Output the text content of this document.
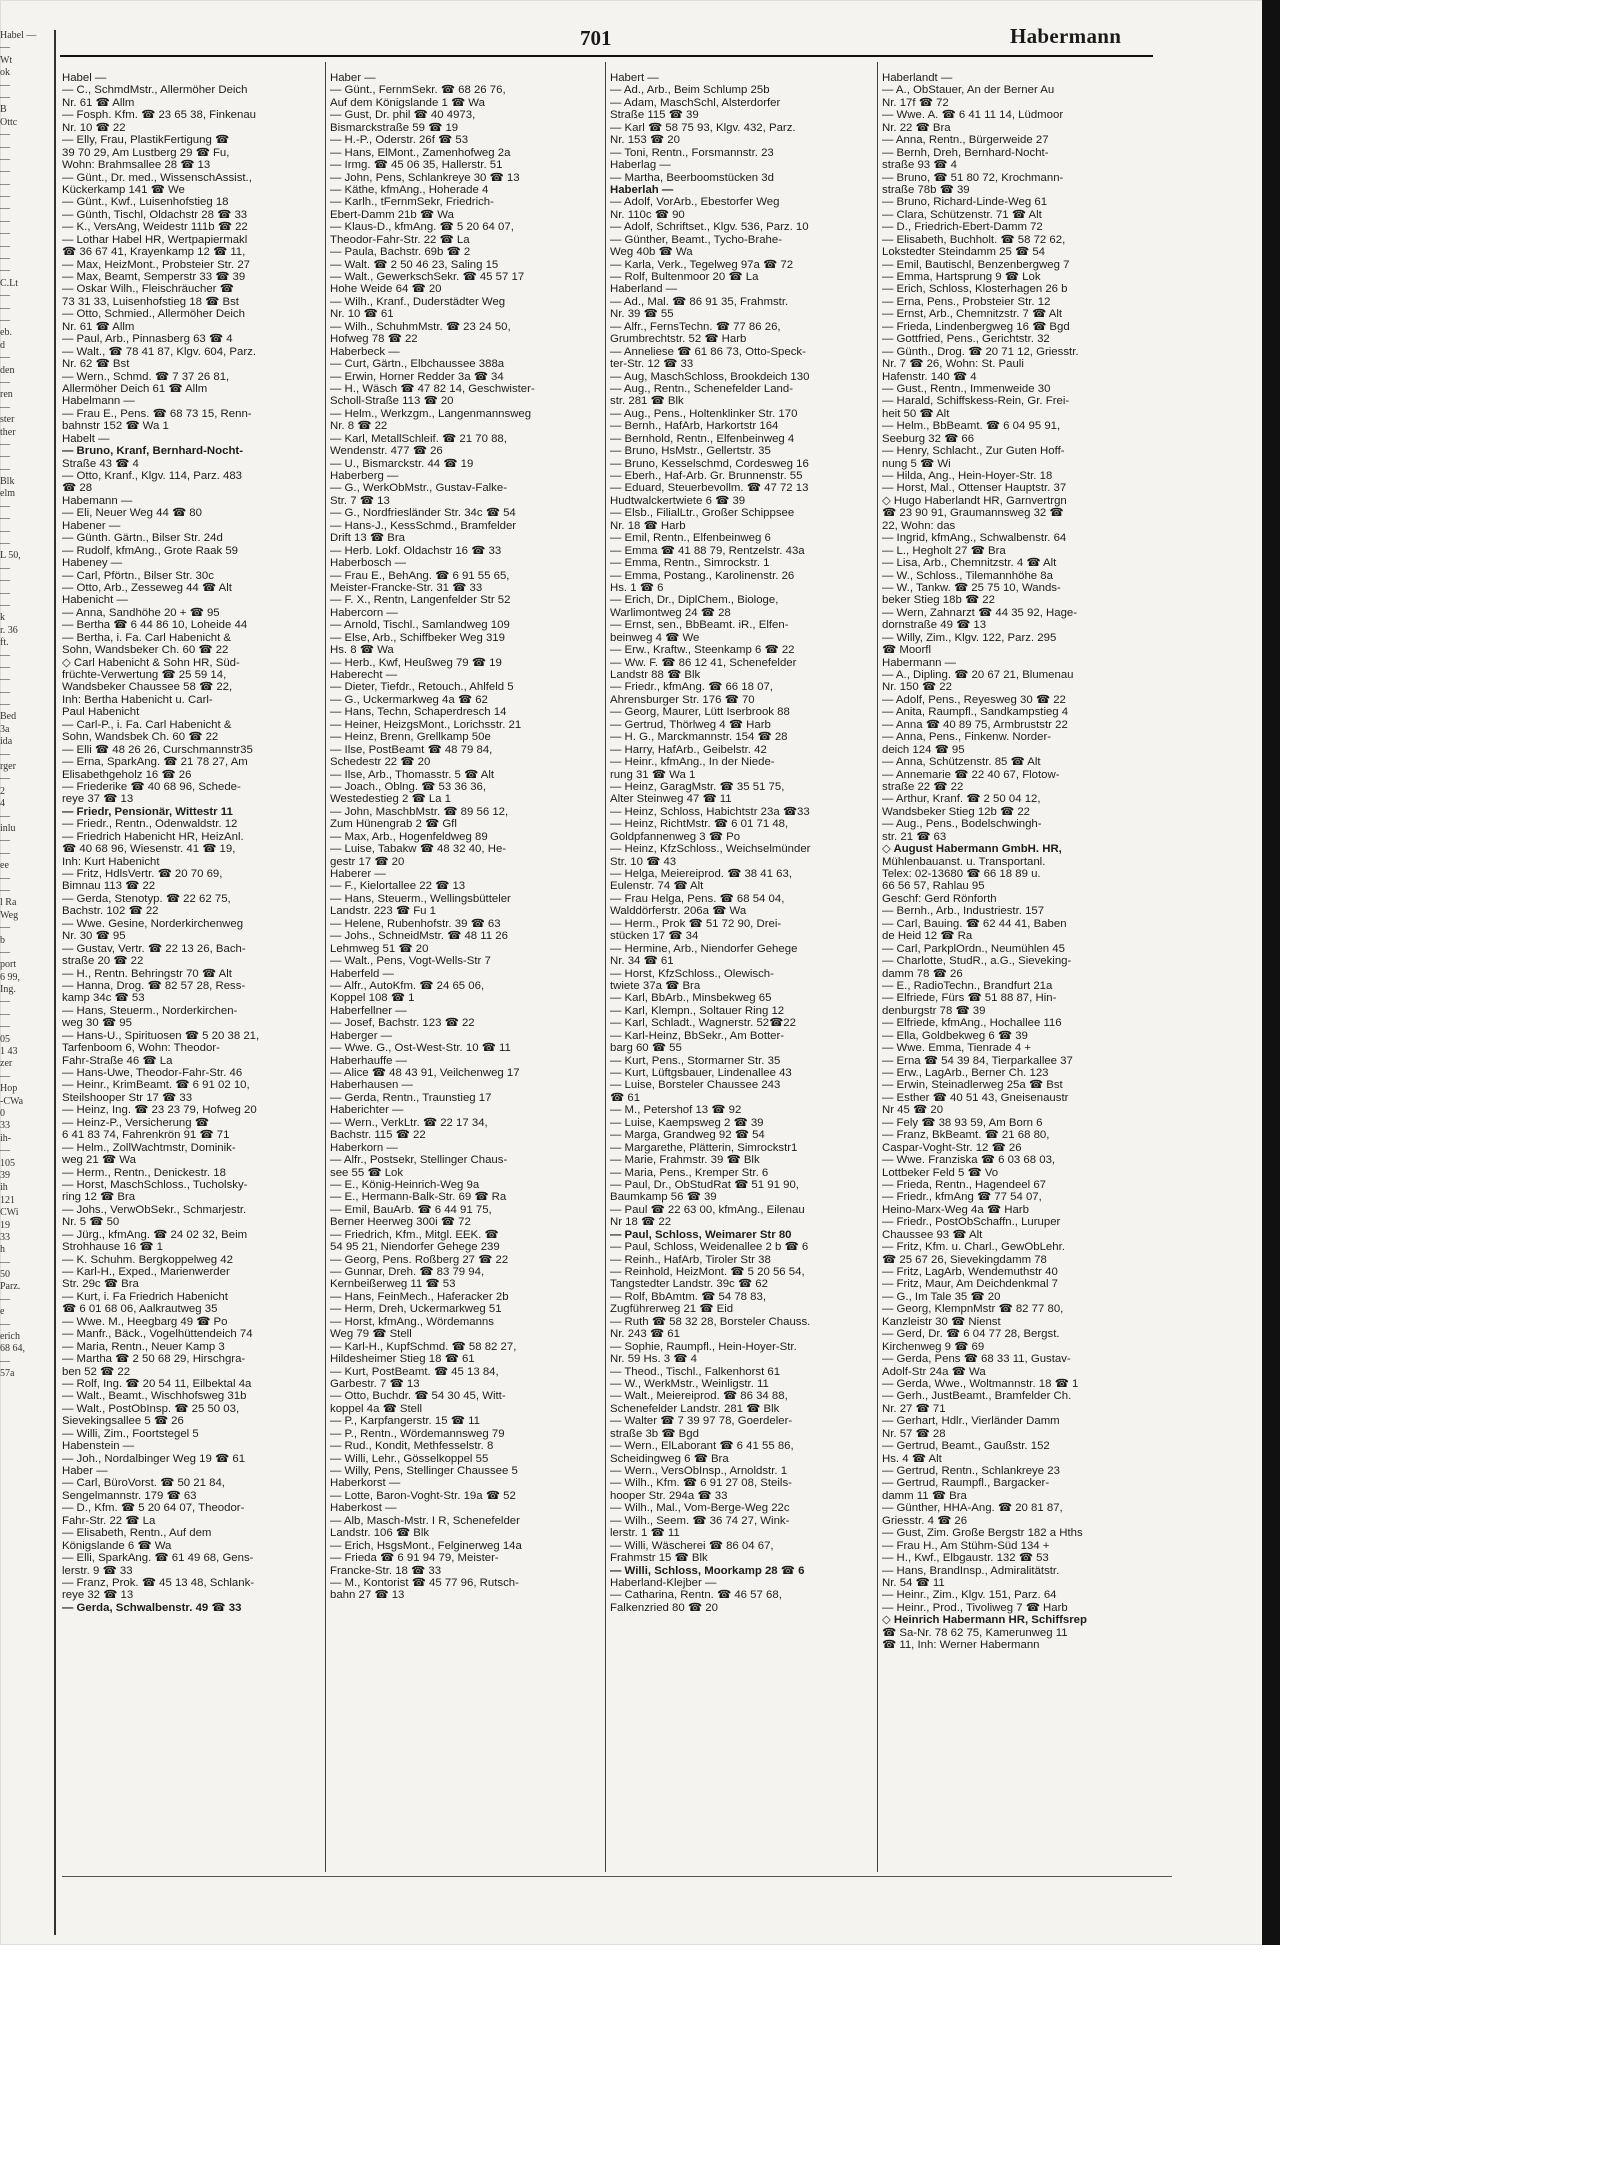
Habel —
—
Wt
ok
—
—
B
Ottc
—
—
—
—
—
—
—
—
—
—
—
—
C.Lt
—
—
—
eb.
d
—
den
—
ren
—
ster
ther
—
—
—
Blk
elm
—
—
—
—
L 50,
—
—
—
—
k
r. 36
ft.
—
—
—
—
—
Bed
3a
ida
—
rger
—
2
4
—
inlu
—
—
ee
—
—
l Ra
Weg
—
b
—
port
6 99,
Ing.
—
—
—
05
1 43
zer
—
Hop
-CWa
0
33
ih-
—
105
39
ih
121
CWi
19
33
h
—
50
Parz.
—
e
—
erich
68 64,
—
57a
701	Habermann
Habel —
— C., SchmdMstr., Allermöher Deich
Nr. 61 ☎ Allm
— Fosph. Kfm. ☎ 23 65 38, Finkenau
Nr. 10 ☎ 22
— Elly, Frau, PlastikFertigung ☎
39 70 29, Am Lustberg 29 ☎ Fu,
Wohn: Brahmsallee 28 ☎ 13
— Günt., Dr. med., WissenschAssist.,
Kückerkamp 141 ☎ We
— Günt., Kwf., Luisenhofstieg 18
— Günth, Tischl, Oldachstr 28 ☎ 33
— K., VersAng, Weidestr 111b ☎ 22
— Lothar Habel HR, Wertpapiermakl
☎ 36 67 41, Krayenkamp 12 ☎ 11,
— Max, HeizMont., Probsteier Str. 27
— Max, Beamt, Semperstr 33 ☎ 39
— Oskar Wilh., Fleischräucher ☎
73 31 33, Luisenhofstieg 18 ☎ Bst
— Otto, Schmied., Allermöher Deich
Nr. 61 ☎ Allm
— Paul, Arb., Pinnasberg 63 ☎ 4
— Walt., ☎ 78 41 87, Klgv. 604, Parz.
Nr. 62 ☎ Bst
— Wern., Schmd. ☎ 7 37 26 81,
Allermöher Deich 61 ☎ Allm
Habelmann —
— Frau E., Pens. ☎ 68 73 15, Renn-
bahnstr 152 ☎ Wa 1
Habelt —
— Bruno, Kranf, Bernhard-Nocht-
Straße 43 ☎ 4
— Otto, Kranf., Klgv. 114, Parz. 483
☎ 28
Habemann —
— Eli, Neuer Weg 44 ☎ 80
Habener —
— Günth. Gärtn., Bilser Str. 24d
— Rudolf, kfmAng., Grote Raak 59
Habeney —
— Carl, Pförtn., Bilser Str. 30c
— Otto, Arb., Zesseweg 44 ☎ Alt
Habenicht —
— Anna, Sandhöhe 20 + ☎ 95
— Bertha ☎ 6 44 86 10, Loheide 44
— Bertha, i. Fa. Carl Habenicht &
Sohn, Wandsbeker Ch. 60 ☎ 22
◇ Carl Habenicht & Sohn HR, Süd-
früchte-Verwertung ☎ 25 59 14,
Wandsbeker Chaussee 58 ☎ 22,
Inh: Bertha Habenicht u. Carl-
Paul Habenicht
— Carl-P., i. Fa. Carl Habenicht &
Sohn, Wandsbek Ch. 60 ☎ 22
— Elli ☎ 48 26 26, Curschmannstr35
— Erna, SparkAng. ☎ 21 78 27, Am
Elisabethgeholz 16 ☎ 26
— Friederike ☎ 40 68 96, Schede-
reye 37 ☎ 13
— Friedr, Pensionär, Wittestr 11
— Friedr., Rentn., Odenwaldstr. 12
— Friedrich Habenicht HR, HeizAnl.
☎ 40 68 96, Wiesenstr. 41 ☎ 19,
Inh: Kurt Habenicht
— Fritz, HdlsVertr. ☎ 20 70 69,
Bimnau 113 ☎ 22
— Gerda, Stenotyp. ☎ 22 62 75,
Bachstr. 102 ☎ 22
— Wwe. Gesine, Norderkirchenweg
Nr. 30 ☎ 95
— Gustav, Vertr. ☎ 22 13 26, Bach-
straße 20 ☎ 22
— H., Rentn. Behringstr 70 ☎ Alt
— Hanna, Drog. ☎ 82 57 28, Ress-
kamp 34c ☎ 53
— Hans, Steuerm., Norderkirchen-
weg 30 ☎ 95
— Hans-U., Spirituosen ☎ 5 20 38 21,
Tarfenboom 6, Wohn: Theodor-
Fahr-Straße 46 ☎ La
— Hans-Uwe, Theodor-Fahr-Str. 46
— Heinr., KrimBeamt. ☎ 6 91 02 10,
Steilshooper Str 17 ☎ 33
— Heinz, Ing. ☎ 23 23 79, Hofweg 20
— Heinz-P., Versicherung ☎
6 41 83 74, Fahrenkrön 91 ☎ 71
— Helm., ZollWachtmstr, Dominik-
weg 21 ☎ Wa
— Herm., Rentn., Denickestr. 18
— Horst, MaschSchloss., Tucholsky-
ring 12 ☎ Bra
— Johs., VerwObSekr., Schmarjestr.
Nr. 5 ☎ 50
— Jürg., kfmAng. ☎ 24 02 32, Beim
Strohhause 16 ☎ 1
— K. Schuhm. Bergkoppelweg 42
— Karl-H., Exped., Marienwerder
Str. 29c ☎ Bra
— Kurt, i. Fa Friedrich Habenicht
☎ 6 01 68 06, Aalkrautweg 35
— Wwe. M., Heegbarg 49 ☎ Po
— Manfr., Bäck., Vogelhüttendeich 74
— Maria, Rentn., Neuer Kamp 3
— Martha ☎ 2 50 68 29, Hirschgra-
ben 52 ☎ 22
— Rolf, Ing. ☎ 20 54 11, Eilbektal 4a
— Walt., Beamt., Wischhofsweg 31b
— Walt., PostObInsp. ☎ 25 50 03,
Sievekingsallee 5 ☎ 26
— Willi, Zim., Foortstegel 5
Habenstein —
— Joh., Nordalbinger Weg 19 ☎ 61
Haber —
— Carl, BüroVorst. ☎ 50 21 84,
Sengelmannstr. 179 ☎ 63
— D., Kfm. ☎ 5 20 64 07, Theodor-
Fahr-Str. 22 ☎ La
— Elisabeth, Rentn., Auf dem
Königslande 6 ☎ Wa
— Elli, SparkAng. ☎ 61 49 68, Gens-
lerstr. 9 ☎ 33
— Franz, Prok. ☎ 45 13 48, Schlank-
reye 32 ☎ 13
— Gerda, Schwalbenstr. 49 ☎ 33
Haber —
— Günt., FernmSekr. ☎ 68 26 76,
Auf dem Königslande 1 ☎ Wa
— Gust, Dr. phil ☎ 40 4973,
Bismarckstraße 59 ☎ 19
— H.-P., Oderstr. 26f ☎ 53
— Hans, ElMont., Zamenhofweg 2a
— Irmg. ☎ 45 06 35, Hallerstr. 51
— John, Pens, Schlankreye 30 ☎ 13
— Käthe, kfmAng., Hoherade 4
— Karlh., tFernmSekr, Friedrich-
Ebert-Damm 21b ☎ Wa
— Klaus-D., kfmAng. ☎ 5 20 64 07,
Theodor-Fahr-Str. 22 ☎ La
— Paula, Bachstr. 69b ☎ 2
— Walt. ☎ 2 50 46 23, Saling 15
— Walt., GewerkschSekr. ☎ 45 57 17
Hohe Weide 64 ☎ 20
— Wilh., Kranf., Duderstädter Weg
Nr. 10 ☎ 61
— Wilh., SchuhmMstr. ☎ 23 24 50,
Hofweg 78 ☎ 22
Haberbeck —
— Curt, Gärtn., Elbchaussee 388a
— Erwin, Horner Redder 3a ☎ 34
— H., Wäsch ☎ 47 82 14, Geschwister-
Scholl-Straße 113 ☎ 20
— Helm., Werkzgm., Langenmannsweg
Nr. 8 ☎ 22
— Karl, MetallSchleif. ☎ 21 70 88,
Wendenstr. 477 ☎ 26
— U., Bismarckstr. 44 ☎ 19
Haberberg —
— G., WerkObMstr., Gustav-Falke-
Str. 7 ☎ 13
— G., Nordfriesländer Str. 34c ☎ 54
— Hans-J., KessSchmd., Bramfelder
Drift 13 ☎ Bra
— Herb. Lokf. Oldachstr 16 ☎ 33
Haberbosch —
— Frau E., BehAng. ☎ 6 91 55 65,
Meister-Francke-Str. 31 ☎ 33
— F. X., Rentn, Langenfelder Str 52
Habercorn —
— Arnold, Tischl., Samlandweg 109
— Else, Arb., Schiffbeker Weg 319
Hs. 8 ☎ Wa
— Herb., Kwf, Heußweg 79 ☎ 19
Haberecht —
— Dieter, Tiefdr., Retouch., Ahlfeld 5
— G., Uckermarkweg 4a ☎ 62
— Hans, Techn, Schaperdresch 14
— Heiner, HeizgsMont., Lorichsstr. 21
— Heinz, Brenn, Grellkamp 50e
— Ilse, PostBeamt ☎ 48 79 84,
Schedestr 22 ☎ 20
— Ilse, Arb., Thomasstr. 5 ☎ Alt
— Joach., Oblng. ☎ 53 36 36,
Westedestieg 2 ☎ La 1
— John, MaschbMstr. ☎ 89 56 12,
Zum Hünengrab 2 ☎ Gfl
— Max, Arb., Hogenfeldweg 89
— Luise, Tabakw ☎ 48 32 40, He-
gestr 17 ☎ 20
Haberer —
— F., Kielortallee 22 ☎ 13
— Hans, Steuerm., Wellingsbütteler
Landstr. 223 ☎ Fu 1
— Helene, Rubenhofstr. 39 ☎ 63
— Johs., SchneidMstr. ☎ 48 11 26
Lehmweg 51 ☎ 20
— Walt., Pens, Vogt-Wells-Str 7
Haberfeld —
— Alfr., AutoKfm. ☎ 24 65 06,
Koppel 108 ☎ 1
Haberfellner —
— Josef, Bachstr. 123 ☎ 22
Haberger —
— Wwe. G., Ost-West-Str. 10 ☎ 11
Haberhauffe —
— Alice ☎ 48 43 91, Veilchenweg 17
Haberhausen —
— Gerda, Rentn., Traunstieg 17
Haberichter —
— Wern., VerkLtr. ☎ 22 17 34,
Bachstr. 115 ☎ 22
Haberkorn —
— Alfr., Postsekr, Stellinger Chaus-
see 55 ☎ Lok
— E., König-Heinrich-Weg 9a
— E., Hermann-Balk-Str. 69 ☎ Ra
— Emil, BauArb. ☎ 6 44 91 75,
Berner Heerweg 300i ☎ 72
— Friedrich, Kfm., Mitgl. EEK. ☎
54 95 21, Niendorfer Gehege 239
— Georg, Pens. Roßberg 27 ☎ 22
— Gunnar, Dreh. ☎ 83 79 94,
Kernbeißerweg 11 ☎ 53
— Hans, FeinMech., Haferacker 2b
— Herm, Dreh, Uckermarkweg 51
— Horst, kfmAng., Wördemanns
Weg 79 ☎ Stell
— Karl-H., KupfSchmd. ☎ 58 82 27,
Hildesheimer Stieg 18 ☎ 61
— Kurt, PostBeamt. ☎ 45 13 84,
Garbestr. 7 ☎ 13
— Otto, Buchdr. ☎ 54 30 45, Witt-
koppel 4a ☎ Stell
— P., Karpfangerstr. 15 ☎ 11
— P., Rentn., Wördemannsweg 79
— Rud., Kondit, Methfesselstr. 8
— Willi, Lehr., Gösselkoppel 55
— Willy, Pens, Stellinger Chaussee 5
Haberkorst —
— Lotte, Baron-Voght-Str. 19a ☎ 52
Haberkost —
— Alb, Masch-Mstr. I R, Schenefelder
Landstr. 106 ☎ Blk
— Erich, HsgsMont., Felginerweg 14a
— Frieda ☎ 6 91 94 79, Meister-
Francke-Str. 18 ☎ 33
— M., Kontorist ☎ 45 77 96, Rutsch-
bahn 27 ☎ 13
Habert —
— Ad., Arb., Beim Schlump 25b
— Adam, MaschSchl, Alsterdorfer
Straße 115 ☎ 39
— Karl ☎ 58 75 93, Klgv. 432, Parz.
Nr. 153 ☎ 20
— Toni, Rentn., Forsmannstr. 23
Haberlag —
— Martha, Beerboomstücken 3d
Haberlah —
— Adolf, VorArb., Ebestorfer Weg
Nr. 110c ☎ 90
— Adolf, Schriftset., Klgv. 536, Parz. 10
— Günther, Beamt., Tycho-Brahe-
Weg 40b ☎ Wa
— Karla, Verk., Tegelweg 97a ☎ 72
— Rolf, Bultenmoor 20 ☎ La
Haberland —
— Ad., Mal. ☎ 86 91 35, Frahmstr.
Nr. 39 ☎ 55
— Alfr., FernsTechn. ☎ 77 86 26,
Grumbrechtstr. 52 ☎ Harb
— Anneliese ☎ 61 86 73, Otto-Speck-
ter-Str. 12 ☎ 33
— Aug, MaschSchloss, Brookdeich 130
— Aug., Rentn., Schenefelder Land-
str. 281 ☎ Blk
— Aug., Pens., Holtenklinker Str. 170
— Bernh., HafArb, Harkortstr 164
— Bernhold, Rentn., Elfenbeinweg 4
— Bruno, HsMstr., Gellertstr. 35
— Bruno, Kesselschmd, Cordesweg 16
— Eberh., Haf-Arb. Gr. Brunnenstr. 55
— Eduard, Steuerbevollm. ☎ 47 72 13
Hudtwalckertwiete 6 ☎ 39
— Elsb., FilialLtr., Großer Schippsee
Nr. 18 ☎ Harb
— Emil, Rentn., Elfenbeinweg 6
— Emma ☎ 41 88 79, Rentzelstr. 43a
— Emma, Rentn., Simrockstr. 1
— Emma, Postang., Karolinenstr. 26
Hs. 1 ☎ 6
— Erich, Dr., DiplChem., Biologe,
Warlimontweg 24 ☎ 28
— Ernst, sen., BbBeamt. iR., Elfen-
beinweg 4 ☎ We
— Erw., Kraftw., Steenkamp 6 ☎ 22
— Ww. F. ☎ 86 12 41, Schenefelder
Landstr 88 ☎ Blk
— Friedr., kfmAng. ☎ 66 18 07,
Ahrensburger Str. 176 ☎ 70
— Georg, Maurer, Lütt Iserbrook 88
— Gertrud, Thörlweg 4 ☎ Harb
— H. G., Marckmannstr. 154 ☎ 28
— Harry, HafArb., Geibelstr. 42
— Heinr., kfmAng., In der Niede-
rung 31 ☎ Wa 1
— Heinz, GaragMstr. ☎ 35 51 75,
Alter Steinweg 47 ☎ 11
— Heinz, Schloss, Habichtstr 23a ☎33
— Heinz, RichtMstr. ☎ 6 01 71 48,
Goldpfannenweg 3 ☎ Po
— Heinz, KfzSchloss., Weichselmünder
Str. 10 ☎ 43
— Helga, Meiereiprod. ☎ 38 41 63,
Eulenstr. 74 ☎ Alt
— Frau Helga, Pens. ☎ 68 54 04,
Walddörferstr. 206a ☎ Wa
— Herm., Prok ☎ 51 72 90, Drei-
stücken 17 ☎ 34
— Hermine, Arb., Niendorfer Gehege
Nr. 34 ☎ 61
— Horst, KfzSchloss., Olewisch-
twiete 37a ☎ Bra
— Karl, BbArb., Minsbekweg 65
— Karl, Klempn., Soltauer Ring 12
— Karl, Schladt., Wagnerstr. 52☎22
— Karl-Heinz, BbSekr., Am Botter-
barg 60 ☎ 55
— Kurt, Pens., Stormarner Str. 35
— Kurt, Lüftgsbauer, Lindenallee 43
— Luise, Borsteler Chaussee 243
☎ 61
— M., Petershof 13 ☎ 92
— Luise, Kaempsweg 2 ☎ 39
— Marga, Grandweg 92 ☎ 54
— Margarethe, Plätterin, Simrockstr1
— Marie, Frahmstr. 39 ☎ Blk
— Maria, Pens., Kremper Str. 6
— Paul, Dr., ObStudRat ☎ 51 91 90,
Baumkamp 56 ☎ 39
— Paul ☎ 22 63 00, kfmAng., Eilenau
Nr 18 ☎ 22
— Paul, Schloss, Weimarer Str 80
— Paul, Schloss, Weidenallee 2 b ☎ 6
— Reinh., HafArb, Tiroler Str 38
— Reinhold, HeizMont. ☎ 5 20 56 54,
Tangstedter Landstr. 39c ☎ 62
— Rolf, BbAmtm. ☎ 54 78 83,
Zugführerweg 21 ☎ Eid
— Ruth ☎ 58 32 28, Borsteler Chauss.
Nr. 243 ☎ 61
— Sophie, Raumpfl., Hein-Hoyer-Str.
Nr. 59 Hs. 3 ☎ 4
— Theod., Tischl., Falkenhorst 61
— W., WerkMstr., Weinligstr. 11
— Walt., Meiereiprod. ☎ 86 34 88,
Schenefelder Landstr. 281 ☎ Blk
— Walter ☎ 7 39 97 78, Goerdeler-
straße 3b ☎ Bgd
— Wern., ElLaborant ☎ 6 41 55 86,
Scheidingweg 6 ☎ Bra
— Wern., VersObInsp., Arnoldstr. 1
— Wilh., Kfm. ☎ 6 91 27 08, Steils-
hooper Str. 294a ☎ 33
— Wilh., Mal., Vom-Berge-Weg 22c
— Wilh., Seem. ☎ 36 74 27, Wink-
lerstr. 1 ☎ 11
— Willi, Wäscherei ☎ 86 04 67,
Frahmstr 15 ☎ Blk
— Willi, Schloss, Moorkamp 28 ☎ 6
Haberland-Klejber —
— Catharina, Rentn. ☎ 46 57 68,
Falkenzried 80 ☎ 20
Haberlandt —
— A., ObStauer, An der Berner Au
Nr. 17f ☎ 72
— Wwe. A. ☎ 6 41 11 14, Lüdmoor
Nr. 22 ☎ Bra
— Anna, Rentn., Bürgerweide 27
— Bernh, Dreh, Bernhard-Nocht-
straße 93 ☎ 4
— Bruno, ☎ 51 80 72, Krochmann-
straße 78b ☎ 39
— Bruno, Richard-Linde-Weg 61
— Clara, Schützenstr. 71 ☎ Alt
— D., Friedrich-Ebert-Damm 72
— Elisabeth, Buchholt. ☎ 58 72 62,
Lokstedter Steindamm 25 ☎ 54
— Emil, Bautischl, Benzenbergweg 7
— Emma, Hartsprung 9 ☎ Lok
— Erich, Schloss, Klosterhagen 26 b
— Erna, Pens., Probsteier Str. 12
— Ernst, Arb., Chemnitzstr. 7 ☎ Alt
— Frieda, Lindenbergweg 16 ☎ Bgd
— Gottfried, Pens., Gerichtstr. 32
— Günth., Drog. ☎ 20 71 12, Griesstr.
Nr. 7 ☎ 26, Wohn: St. Pauli
Hafenstr. 140 ☎ 4
— Gust., Rentn., Immenweide 30
— Harald, Schiffskess-Rein, Gr. Frei-
heit 50 ☎ Alt
— Helm., BbBeamt. ☎ 6 04 95 91,
Seeburg 32 ☎ 66
— Henry, Schlacht., Zur Guten Hoff-
nung 5 ☎ Wi
— Hilda, Ang., Hein-Hoyer-Str. 18
— Horst, Mal., Ottenser Hauptstr. 37
◇ Hugo Haberlandt HR, Garnvertrgn
☎ 23 90 91, Graumannsweg 32 ☎
22, Wohn: das
— Ingrid, kfmAng., Schwalbenstr. 64
— L., Hegholt 27 ☎ Bra
— Lisa, Arb., Chemnitzstr. 4 ☎ Alt
— W., Schloss., Tilemannhöhe 8a
— W., Tankw. ☎ 25 75 10, Wands-
beker Stieg 18b ☎ 22
— Wern, Zahnarzt ☎ 44 35 92, Hage-
dornstraße 49 ☎ 13
— Willy, Zim., Klgv. 122, Parz. 295
☎ Moorfl
Habermann —
— A., Dipling. ☎ 20 67 21, Blumenau
Nr. 150 ☎ 22
— Adolf, Pens., Reyesweg 30 ☎ 22
— Anita, Raumpfl., Sandkampstieg 4
— Anna ☎ 40 89 75, Armbruststr 22
— Anna, Pens., Finkenw. Norder-
deich 124 ☎ 95
— Anna, Schützenstr. 85 ☎ Alt
— Annemarie ☎ 22 40 67, Flotow-
straße 22 ☎ 22
— Arthur, Kranf. ☎ 2 50 04 12,
Wandsbeker Stieg 12b ☎ 22
— Aug., Pens., Bodelschwingh-
str. 21 ☎ 63
◇ August Habermann GmbH. HR,
Mühlenbauanst. u. Transportanl.
Telex: 02-13680 ☎ 66 18 89 u.
66 56 57, Rahlau 95
Geschf: Gerd Rönforth
— Bernh., Arb., Industriestr. 157
— Carl, Bauing. ☎ 62 44 41, Baben
de Heid 12 ☎ Ra
— Carl, ParkplOrdn., Neumühlen 45
— Charlotte, StudR., a.G., Sieveking-
damm 78 ☎ 26
— E., RadioTechn., Brandfurt 21a
— Elfriede, Fürs ☎ 51 88 87, Hin-
denburgstr 78 ☎ 39
— Elfriede, kfmAng., Hochallee 116
— Ella, Goldbekweg 6 ☎ 39
— Wwe. Emma, Tienrade 4 +
— Erna ☎ 54 39 84, Tierparkallee 37
— Erw., LagArb., Berner Ch. 123
— Erwin, Steinadlerweg 25a ☎ Bst
— Esther ☎ 40 51 43, Gneisenaustr
Nr 45 ☎ 20
— Fely ☎ 38 93 59, Am Born 6
— Franz, BkBeamt. ☎ 21 68 80,
Caspar-Voght-Str. 12 ☎ 26
— Wwe. Franziska ☎ 6 03 68 03,
Lottbeker Feld 5 ☎ Vo
— Frieda, Rentn., Hagendeel 67
— Friedr., kfmAng ☎ 77 54 07,
Heino-Marx-Weg 4a ☎ Harb
— Friedr., PostObSchaffn., Luruper
Chaussee 93 ☎ Alt
— Fritz, Kfm. u. Charl., GewObLehr.
☎ 25 67 26, Sievekingdamm 78
— Fritz, LagArb, Wendemuthstr 40
— Fritz, Maur, Am Deichdenkmal 7
— G., Im Tale 35 ☎ 20
— Georg, KlempnMstr ☎ 82 77 80,
Kanzleistr 30 ☎ Nienst
— Gerd, Dr. ☎ 6 04 77 28, Bergst.
Kirchenweg 9 ☎ 69
— Gerda, Pens ☎ 68 33 11, Gustav-
Adolf-Str 24a ☎ Wa
— Gerda, Wwe., Woltmannstr. 18 ☎ 1
— Gerh., JustBeamt., Bramfelder Ch.
Nr. 27 ☎ 71
— Gerhart, Hdlr., Vierländer Damm
Nr. 57 ☎ 28
— Gertrud, Beamt., Gaußstr. 152
Hs. 4 ☎ Alt
— Gertrud, Rentn., Schlankreye 23
— Gertrud, Raumpfl., Bargacker-
damm 11 ☎ Bra
— Günther, HHA-Ang. ☎ 20 81 87,
Griesstr. 4 ☎ 26
— Gust, Zim. Große Bergstr 182 a Hths
— Frau H., Am Stühm-Süd 134 +
— H., Kwf., Elbgaustr. 132 ☎ 53
— Hans, BrandInsp., Admiralitätstr.
Nr. 54 ☎ 11
— Heinr., Zim., Klgv. 151, Parz. 64
— Heinr., Prod., Tivoliweg 7 ☎ Harb
◇ Heinrich Habermann HR, Schiffsrep
☎ Sa-Nr. 78 62 75, Kamerunweg 11
☎ 11, Inh: Werner Habermann
